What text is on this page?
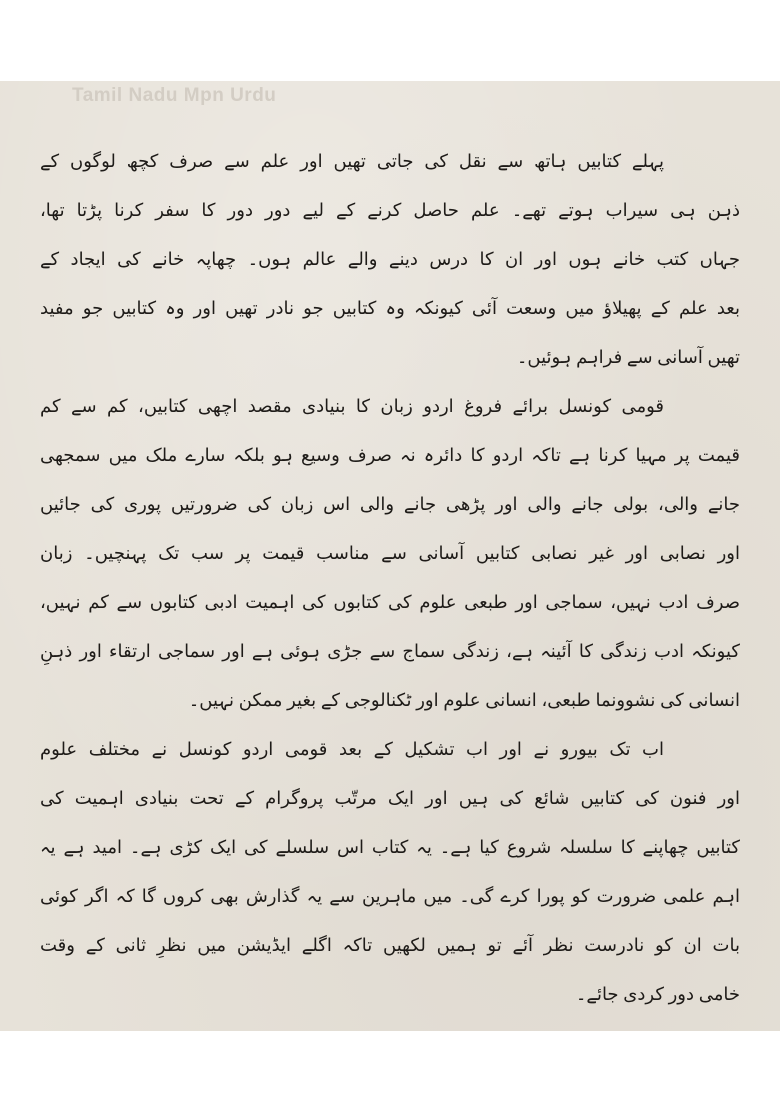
Tamil Nadu Mpn Urdu
پہلے کتابیں ہاتھ سے نقل کی جاتی تھیں اور علم سے صرف کچھ لوگوں کے
ذہن ہی سیراب ہوتے تھے۔ علم حاصل کرنے کے لیے دور دور کا سفر کرنا پڑتا تھا،
جہاں کتب خانے ہوں اور ان کا درس دینے والے عالم ہوں۔ چھاپہ خانے کی ایجاد کے
بعد علم کے پھیلاؤ میں وسعت آئی کیونکہ وہ کتابیں جو نادر تھیں اور وہ کتابیں جو مفید
تھیں آسانی سے فراہم ہوئیں۔
قومی کونسل برائے فروغ اردو زبان کا بنیادی مقصد اچھی کتابیں، کم سے کم
قیمت پر مہیا کرنا ہے تاکہ اردو کا دائرہ نہ صرف وسیع ہو بلکہ سارے ملک میں سمجھی
جانے والی، بولی جانے والی اور پڑھی جانے والی اس زبان کی ضرورتیں پوری کی جائیں
اور نصابی اور غیر نصابی کتابیں آسانی سے مناسب قیمت پر سب تک پہنچیں۔ زبان
صرف ادب نہیں، سماجی اور طبعی علوم کی کتابوں کی اہمیت ادبی کتابوں سے کم نہیں،
کیونکہ ادب زندگی کا آئینہ ہے، زندگی سماج سے جڑی ہوئی ہے اور سماجی ارتقاء اور ذہنِ
انسانی کی نشوونما طبعی، انسانی علوم اور ٹکنالوجی کے بغیر ممکن نہیں۔
اب تک بیورو نے اور اب تشکیل کے بعد قومی اردو کونسل نے مختلف علوم
اور فنون کی کتابیں شائع کی ہیں اور ایک مرتّب پروگرام کے تحت بنیادی اہمیت کی
کتابیں چھاپنے کا سلسلہ شروع کیا ہے۔ یہ کتاب اس سلسلے کی ایک کڑی ہے۔ امید ہے یہ
اہم علمی ضرورت کو پورا کرے گی۔ میں ماہرین سے یہ گذارش بھی کروں گا کہ اگر کوئی
بات ان کو نادرست نظر آئے تو ہمیں لکھیں تاکہ اگلے ایڈیشن میں نظرِ ثانی کے وقت
خامی دور کردی جائے۔
